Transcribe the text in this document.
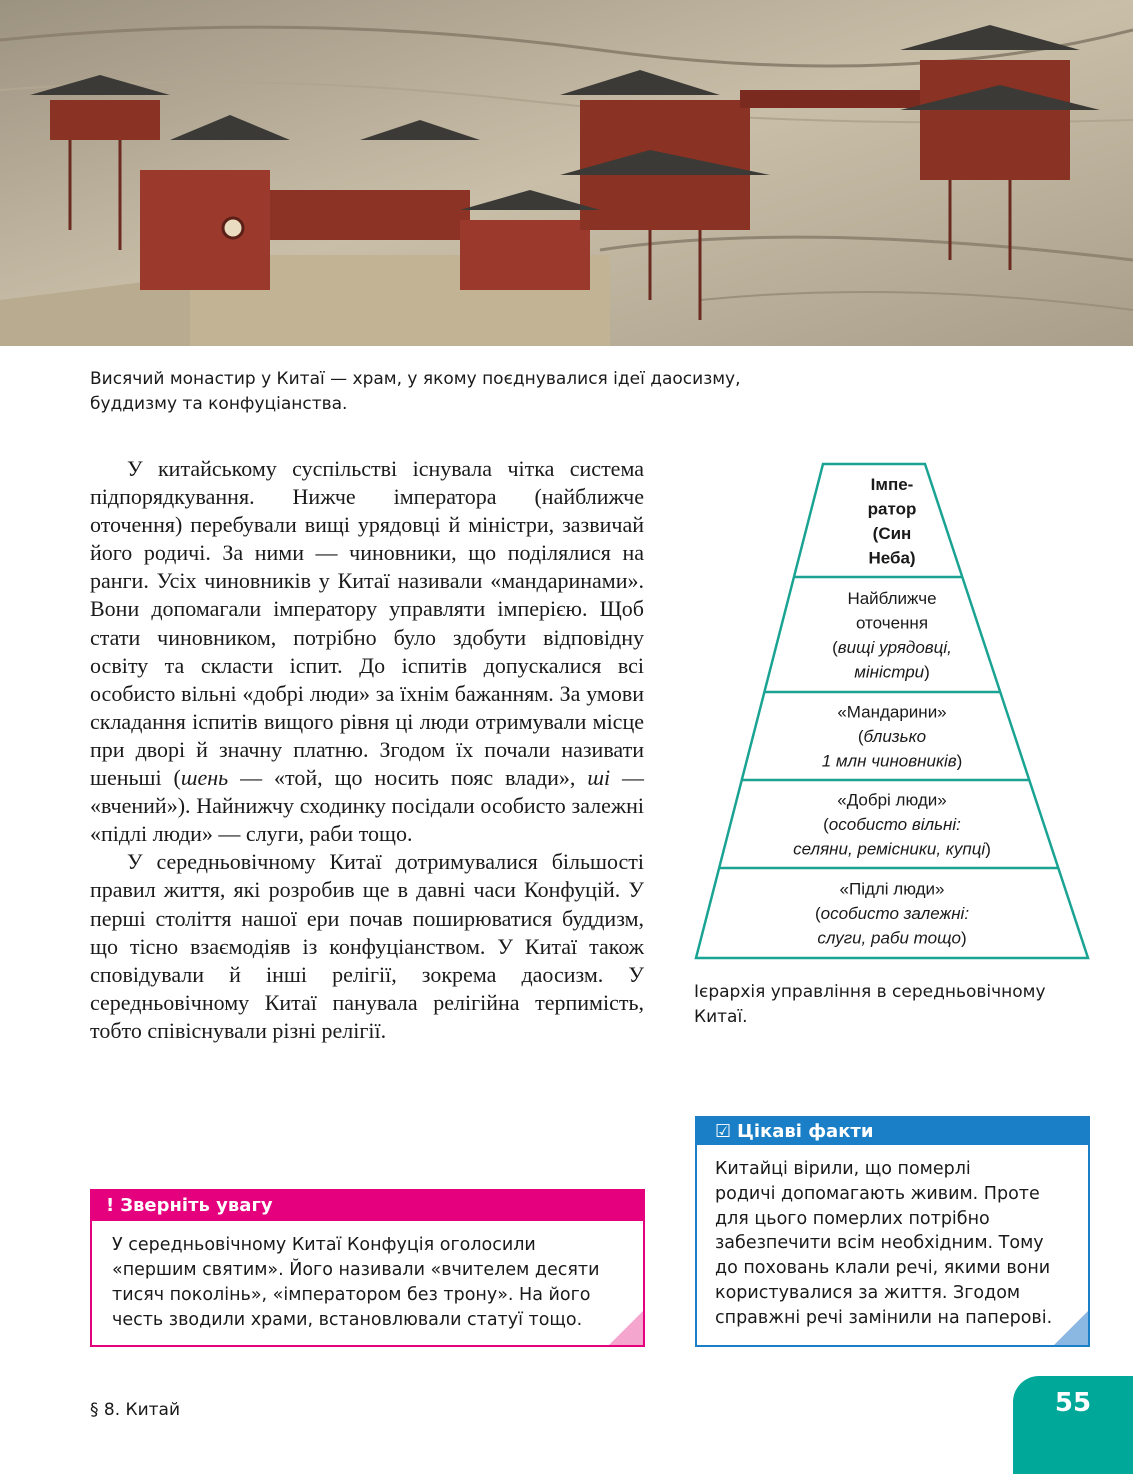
Висячий монастир у Китаї — храм, у якому поєднувалися ідеї даосизму,
буддизму та конфуціанства.

У китайському суспільстві існувала чітка система підпорядкування. Нижче імператора (найближче оточення) перебували вищі урядовці й міністри, зазвичай його родичі. За ними — чиновники, що поділялися на ранги. Усіх чиновників у Китаї називали «мандаринами». Вони допомагали імператору управляти імперією. Щоб стати чиновником, потрібно було здобути відповідну освіту та скласти іспит. До іспитів допускалися всі особисто вільні «добрі люди» за їхнім бажанням. За умови складання іспитів вищого рівня ці люди отримували місце при дворі й значну платню. Згодом їх почали називати шеньші (шень — «той, що носить пояс влади», ші — «вчений»). Найнижчу сходинку посідали особисто залежні «підлі люди» — слуги, раби тощо.

У середньовічному Китаї дотримувалися більшості правил життя, які розробив ще в давні часи Конфуцій. У перші століття нашої ери почав поширюватися буддизм, що тісно взаємодіяв із конфуціанством. У Китаї також сповідували й інші релігії, зокрема даосизм. У середньовічному Китаї панувала релігійна терпимість, тобто співіснували різні релігії.

Імпе-
ратор
(Син
Неба)
Найближче
оточення
(вищі урядовці,
міністри)
«Мандарини»
(близько
1 млн чиновників)
«Добрі люди»
(особисто вільні:
селяни, ремісники, купці)
«Підлі люди»
(особисто залежні:
слуги, раби тощо)
Ієрархія управління в середньовічному
Китаї.
! Зверніть увагу
У середньовічному Китаї Конфуція оголосили
«першим святим». Його називали «вчителем десяти
тисяч поколінь», «імператором без трону». На його
честь зводили храми, встановлювали статуї тощо.
☑ Цікаві факти
Китайці вірили, що померлі
родичі допомагають живим. Проте
для цього померлих потрібно
забезпечити всім необхідним. Тому
до поховань клали речі, якими вони
користувалися за життя. Згодом
справжні речі замінили на паперові.
§ 8. Китай	55
